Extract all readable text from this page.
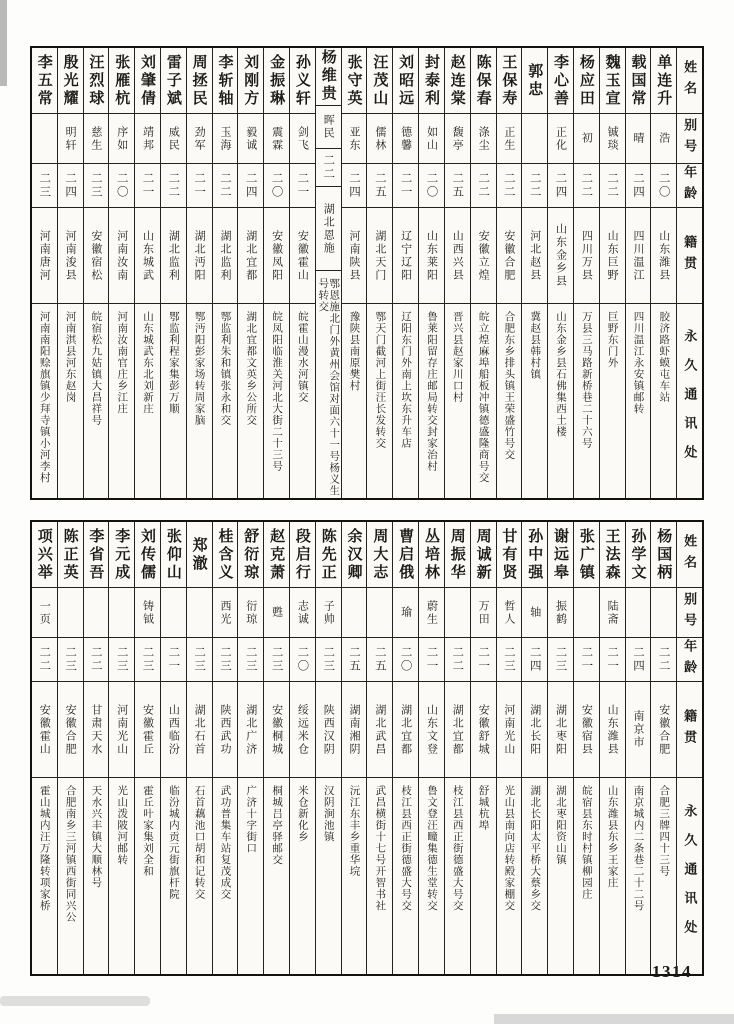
姓名
别号
年龄
籍贯
永久通讯处
单连升
浩
二〇
山东潍县
胶济路虾蟆屯车站
载国常
晴
二四
四川温江
四川温江永安镇邮转
魏玉宣
铖琰
二二
山东巨野
巨野东门外
杨应田
初
二二
四川万县
万县三马路新桥巷二十六号
李心善
正化
二四
山东金乡县
山东金乡县石佛集西土楼
郭忠
二二
河北赵县
冀赵县韩村镇
王保寿
正生
二二
安徽合肥
合肥东乡排头镇王荣盛竹号交
陈保春
涤尘
二二
安徽立煌
皖立煌麻埠船板冲镇德盛隆商号交
赵连棠
馥亭
二五
山西兴县
晋兴县赵家川口村
封泰利
如山
二〇
山东莱阳
鲁莱阳留存庄邮局转交封家治村
刘昭远
德馨
二一
辽宁辽阳
辽阳东门外南上坎东升车店
汪茂山
儒林
二五
湖北天门
鄂天门截河上街汪长发转交
张守英
亚东
二四
河南陕县
豫陕县南原樊村
杨维贵
晖民
二二
湖北恩施
鄂恩施北门外黄州会馆对面六十一号杨义生号转交
孙义轩
剑飞
二一
安徽霍山
皖霍山漫水河镇交
金振琳
震霖
二〇
安徽凤阳
皖凤阳临淮关河北大街二十三号
刘刚方
毅诚
二四
湖北宜都
湖北宜都文英乡公所交
李斩轴
玉海
二二
湖北监利
鄂监利朱和镇张永和交
周拯民
劲军
二一
湖北沔阳
鄂沔阳彭家场转周家脑
雷子斌
威民
二二
湖北监利
鄂监利程家集彭万顺
刘肇倩
靖邦
二一
山东城武
山东城武东北刘新庄
张雁杭
序如
二〇
河南汝南
河南汝南官庄乡江庄
汪烈球
慈生
二三
安徽宿松
皖宿松九姑镇大昌祥号
殷光耀
明轩
二四
河南浚县
河南淇县河东赵岗
李五常
二三
河南唐河
河南南阳赊旗镇少拜寺镇小河李村
姓名
别号
年龄
籍贯
永久通讯处
杨国柄
二二
安徽合肥
合肥三牌四十三号
孙学文
二四
南京市
南京城内二条巷二十二号
王法森
陆斋
二一
山东潍县
山东潍县东乡王家庄
张广镇
二一
安徽宿县
皖宿县东时村镇柳园庄
谢远皋
振鹤
二三
湖北枣阳
湖北枣阳资山镇
孙中强
轴
二四
湖北长阳
湖北长阳太平桥大蔡乡交
甘有贤
哲人
二三
河南光山
光山县南向店转殿家棚交
周诚新
万田
二一
安徽舒城
舒城杭埠
周振华
二二
湖北宜都
枝江县西正街德盛大号交
丛培林
蔚生
二一
山东文登
鲁文登汪疃集德生堂转交
曹启俄
瑜
二〇
湖北宜都
枝江县西正街德盛大号交
周大志
二五
湖北武昌
武昌横街十七号开智书社
余汉卿
二五
湖南湘阴
沅江东丰乡重华垸
陈先正
子帅
二三
陕西汉阴
汉阴涧池镇
段启行
志诚
二〇
绥远米仓
米仓新化乡
赵克萧
甦
二三
安徽桐城
桐城吕亭驿邮交
舒衍琼
衍琼
二三
湖北广济
广济十字街口
桂含义
西光
二三
陕西武功
武功普集车站复茂成交
郑澈
二三
湖北石首
石首藕池口胡和记转交
张仰山
二一
山西临汾
临汾城内贡元街旗杆院
刘传儒
铸钺
二三
安徽霍丘
霍丘叶家集刘全和
李元成
二三
河南光山
光山泼陂河邮转
李省吾
二二
甘肃天水
天水兴丰镇大顺林号
陈正英
二三
安徽合肥
合肥南乡三河镇西街同兴公
项兴举
一页
二二
安徽霍山
霍山城内汪万隆转项家桥
1314
